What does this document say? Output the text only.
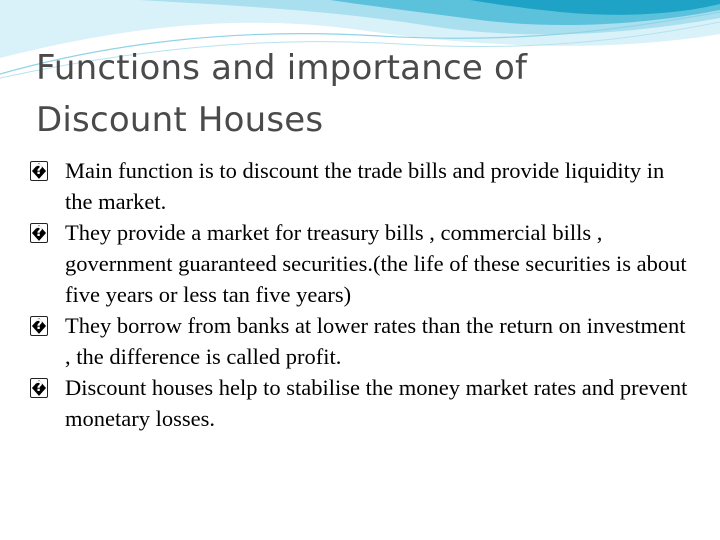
Functions and importance of
Discount Houses
?
Main function is to discount the trade bills and provide liquidity in the market.
?
They provide a market for treasury bills , commercial bills , government guaranteed securities.(the life of these securities is about five years or less tan five years)
?
They borrow from banks at lower rates than the return on investment , the difference is called profit.
?
Discount houses help to stabilise the money market rates and prevent monetary losses.
